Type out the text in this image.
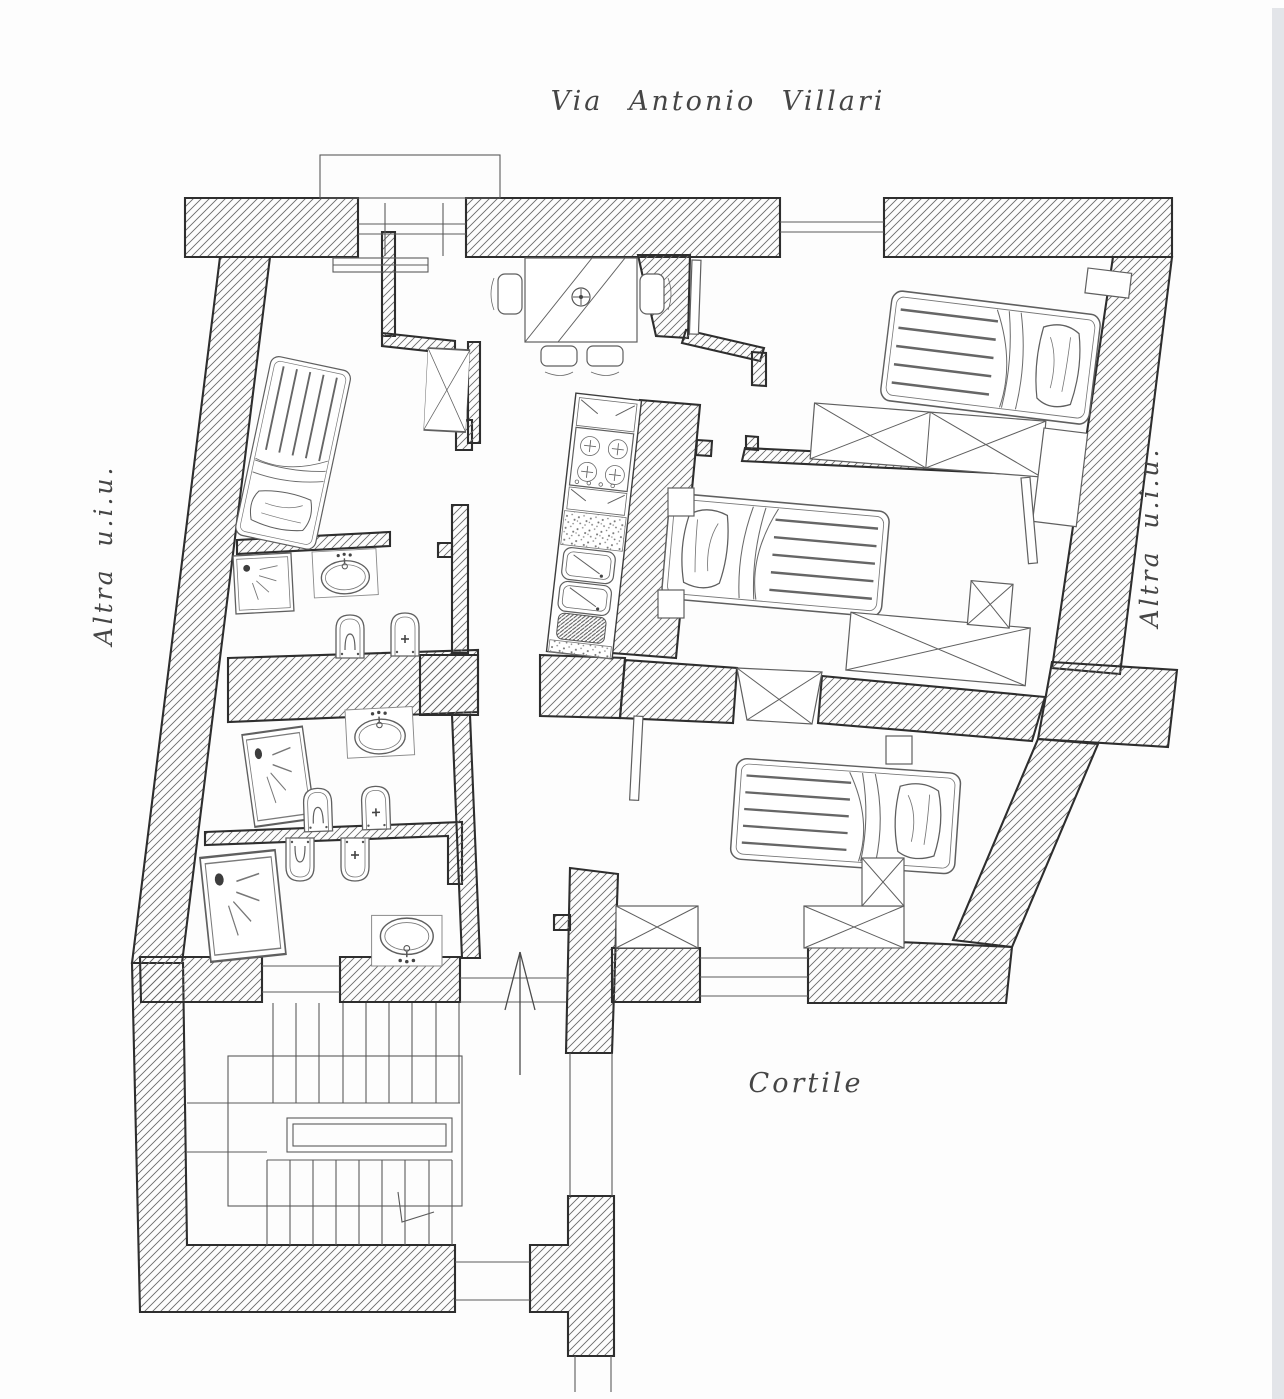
Via Antonio Villari
Altra u.i.u.	Altra u.i.u.
Cortile
